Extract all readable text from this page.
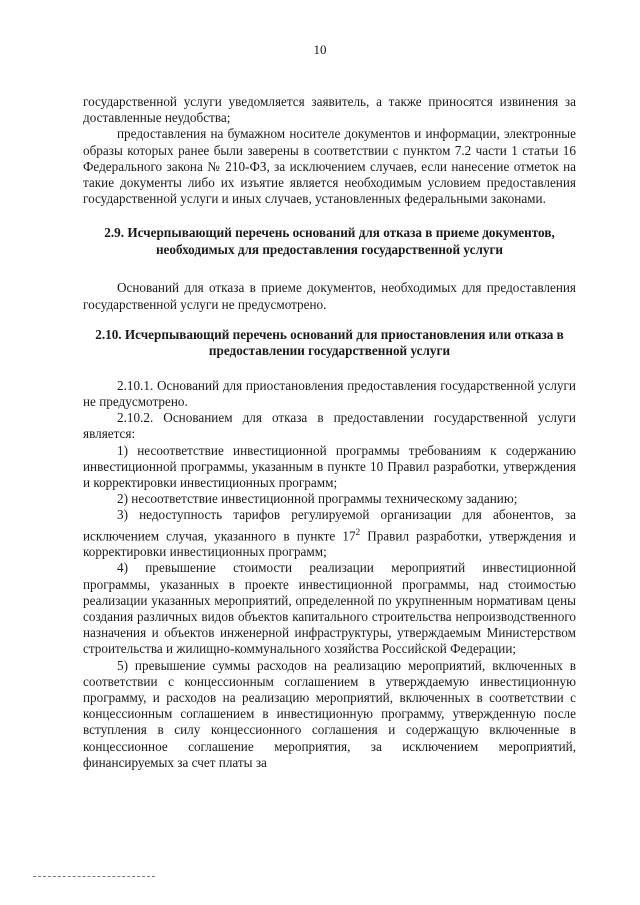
10

государственной услуги уведомляется заявитель, а также приносятся извинения за доставленные неудобства;

предоставления на бумажном носителе документов и информации, электронные образы которых ранее были заверены в соответствии с пунктом 7.2 части 1 статьи 16 Федерального закона № 210-ФЗ, за исключением случаев, если нанесение отметок на такие документы либо их изъятие является необходимым условием предоставления государственной услуги и иных случаев, установленных федеральными законами.

2.9. Исчерпывающий перечень оснований для отказа в приеме документов, необходимых для предоставления государственной услуги

Оснований для отказа в приеме документов, необходимых для предоставления государственной услуги не предусмотрено.

2.10. Исчерпывающий перечень оснований для приостановления или отказа в предоставлении государственной услуги

2.10.1. Оснований для приостановления предоставления государственной услуги не предусмотрено.

2.10.2. Основанием для отказа в предоставлении государственной услуги является:

1) несоответствие инвестиционной программы требованиям к содержанию инвестиционной программы, указанным в пункте 10 Правил разработки, утверждения и корректировки инвестиционных программ;

2) несоответствие инвестиционной программы техническому заданию;

3) недоступность тарифов регулируемой организации для абонентов, за исключением случая, указанного в пункте $17^2$ Правил разработки, утверждения и корректировки инвестиционных программ;

4) превышение стоимости реализации мероприятий инвестиционной программы, указанных в проекте инвестиционной программы, над стоимостью реализации указанных мероприятий, определенной по укрупненным нормативам цены создания различных видов объектов капитального строительства непроизводственного назначения и объектов инженерной инфраструктуры, утверждаемым Министерством строительства и жилищно-коммунального хозяйства Российской Федерации;

5) превышение суммы расходов на реализацию мероприятий, включенных в соответствии с концессионным соглашением в утверждаемую инвестиционную программу, и расходов на реализацию мероприятий, включенных в соответствии с концессионным соглашением в инвестиционную программу, утвержденную после вступления в силу концессионного соглашения и содержащую включенные в концессионное соглашение мероприятия, за исключением мероприятий, финансируемых за счет платы за
